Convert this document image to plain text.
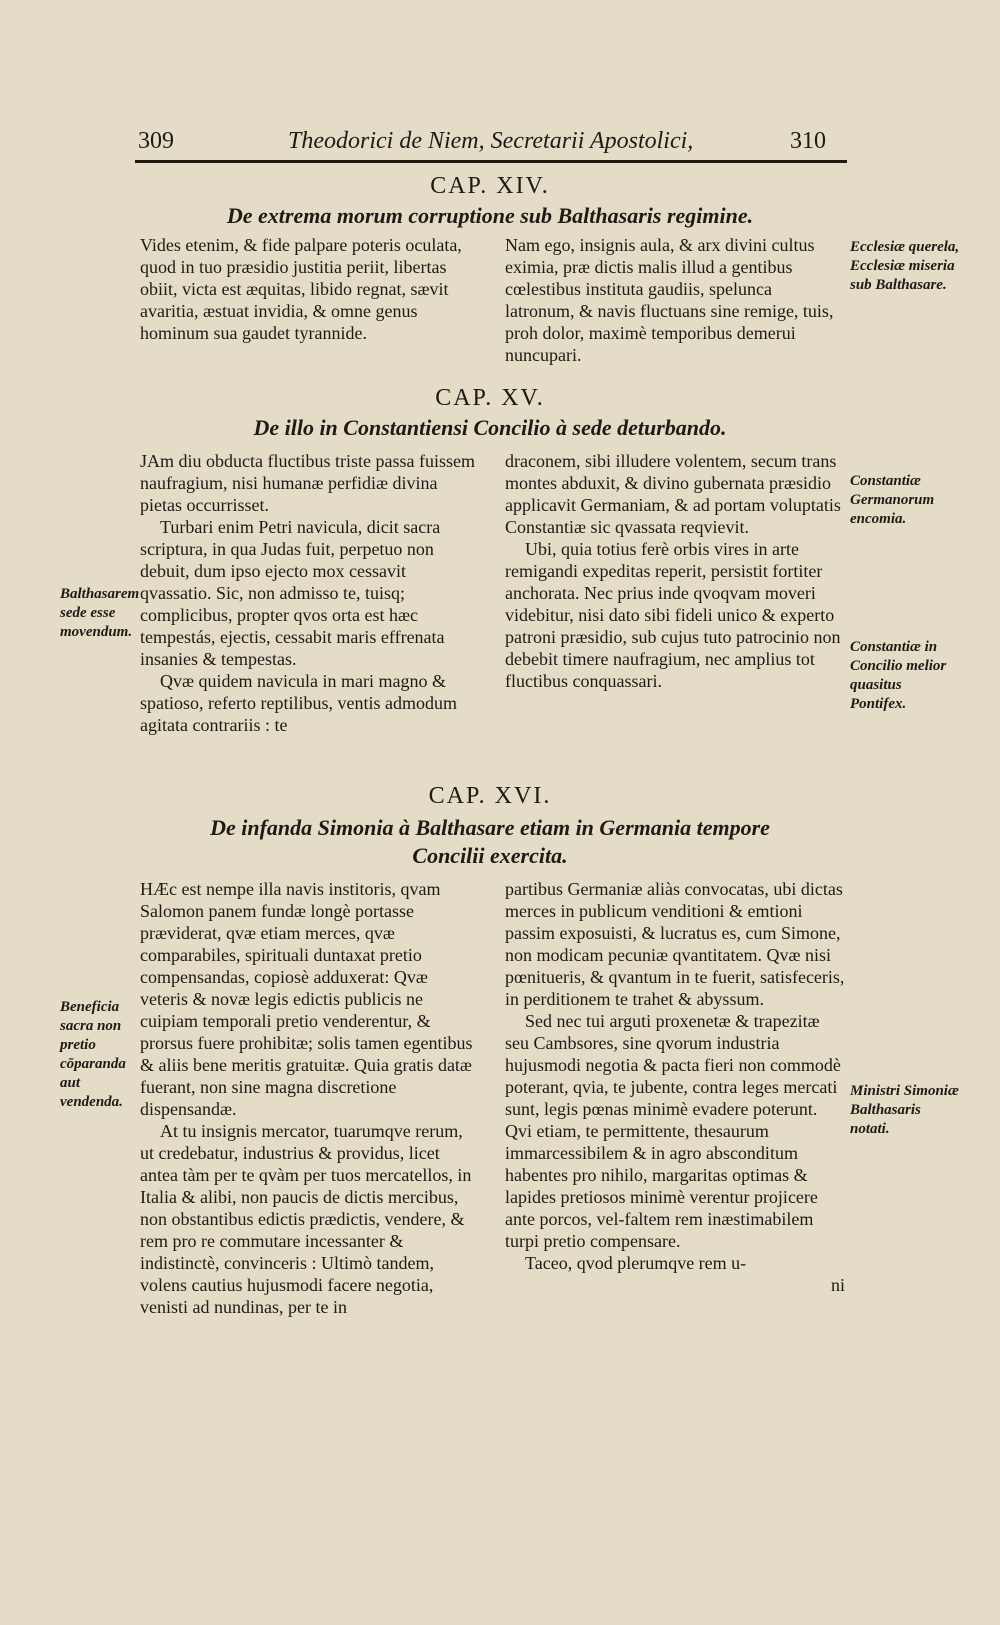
309	Theodorici de Niem, Secretarii Apostolici,	310
CAP. XIV.
De extrema morum corruptione sub Balthasaris regimine.

Vides etenim, & fide palpare poteris oculata, quod in tuo præsidio justitia periit, libertas obiit, victa est æquitas, libido regnat, sævit avaritia, æstuat invidia, & omne genus hominum sua gaudet tyrannide.

Nam ego, insignis aula, & arx divini cultus eximia, præ dictis malis illud a gentibus cœlestibus instituta gaudiis, spelunca latronum, & navis fluctuans sine remige, tuis, proh dolor, maximè temporibus demerui nuncupari.

Ecclesiæ querela, Ecclesiæ miseria sub Balthasare.
CAP. XV.
De illo in Constantiensi Concilio à sede deturbando.

JAm diu obducta fluctibus triste passa fuissem naufragium, nisi humanæ perfidiæ divina pietas occurrisset.

Turbari enim Petri navicula, dicit sacra scriptura, in qua Judas fuit, perpetuo non debuit, dum ipso ejecto mox cessavit qvassatio. Sic, non admisso te, tuisq; complicibus, propter qvos orta est hæc tempestás, ejectis, cessabit maris effrenata insanies & tempestas.

Qvæ quidem navicula in mari magno & spatioso, referto reptilibus, ventis admodum agitata contrariis : te

draconem, sibi illudere volentem, secum trans montes abduxit, & divino gubernata præsidio applicavit Germaniam, & ad portam voluptatis Constantiæ sic qvassata reqvievit.

Ubi, quia totius ferè orbis vires in arte remigandi expeditas reperit, persistit fortiter anchorata. Nec prius inde qvoqvam moveri videbitur, nisi dato sibi fideli unico & experto patroni præsidio, sub cujus tuto patrocinio non debebit timere naufragium, nec amplius tot fluctibus conquassari.

Balthasarem sede esse movendum.
Constantiæ Germanorum encomia.
Constantiæ in Concilio melior quasitus Pontifex.
CAP. XVI.
De infanda Simonia à Balthasare etiam in Germania tempore
Concilii exercita.

HÆc est nempe illa navis institoris, qvam Salomon panem fundæ longè portasse præviderat, qvæ etiam merces, qvæ comparabiles, spirituali duntaxat pretio compensandas, copiosè adduxerat: Qvæ veteris & novæ legis edictis publicis ne cuipiam temporali pretio venderentur, & prorsus fuere prohibitæ; solis tamen egentibus & aliis bene meritis gratuitæ. Quia gratis datæ fuerant, non sine magna discretione dispensandæ.

At tu insignis mercator, tuarumqve rerum, ut credebatur, industrius & providus, licet antea tàm per te qvàm per tuos mercatellos, in Italia & alibi, non paucis de dictis mercibus, non obstantibus edictis prædictis, vendere, & rem pro re commutare incessanter & indistinctè, convinceris : Ultimò tandem, volens cautius hujusmodi facere negotia, venisti ad nundinas, per te in

partibus Germaniæ aliàs convocatas, ubi dictas merces in publicum venditioni & emtioni passim exposuisti, & lucratus es, cum Simone, non modicam pecuniæ qvantitatem. Qvæ nisi pœnitueris, & qvantum in te fuerit, satisfeceris, in perditionem te trahet & abyssum.

Sed nec tui arguti proxenetæ & trapezitæ seu Cambsores, sine qvorum industria hujusmodi negotia & pacta fieri non commodè poterant, qvia, te jubente, contra leges mercati sunt, legis pœnas minimè evadere poterunt. Qvi etiam, te permittente, thesaurum immarcessibilem & in agro absconditum habentes pro nihilo, margaritas optimas & lapides pretiosos minimè verentur projicere ante porcos, vel-faltem rem inæstimabilem turpi pretio compensare.

Taceo, qvod plerumqve rem u-

ni

Beneficia sacra non pretio cōparanda aut vendenda.
Ministri Simoniæ Balthasaris notati.
